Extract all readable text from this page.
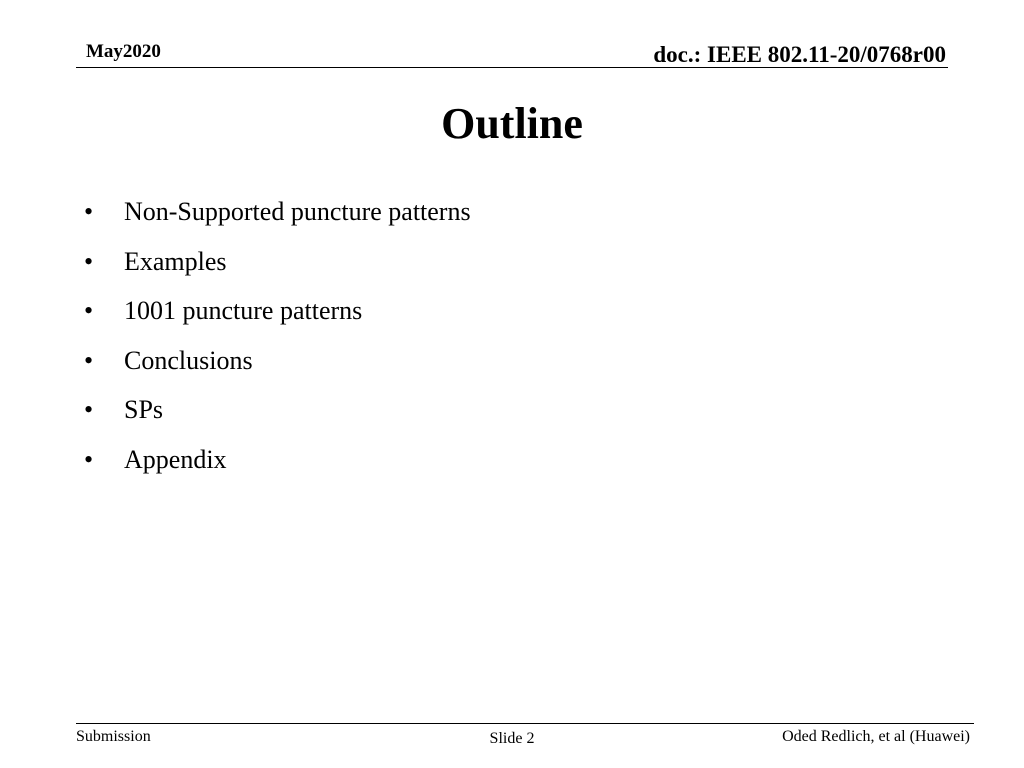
May2020	doc.: IEEE 802.11-20/0768r00
Outline
•	Non-Supported puncture patterns
•	Examples
•	1001 puncture patterns
•	Conclusions
•	SPs
•	Appendix
Submission	Slide 2	Oded Redlich, et al (Huawei)
